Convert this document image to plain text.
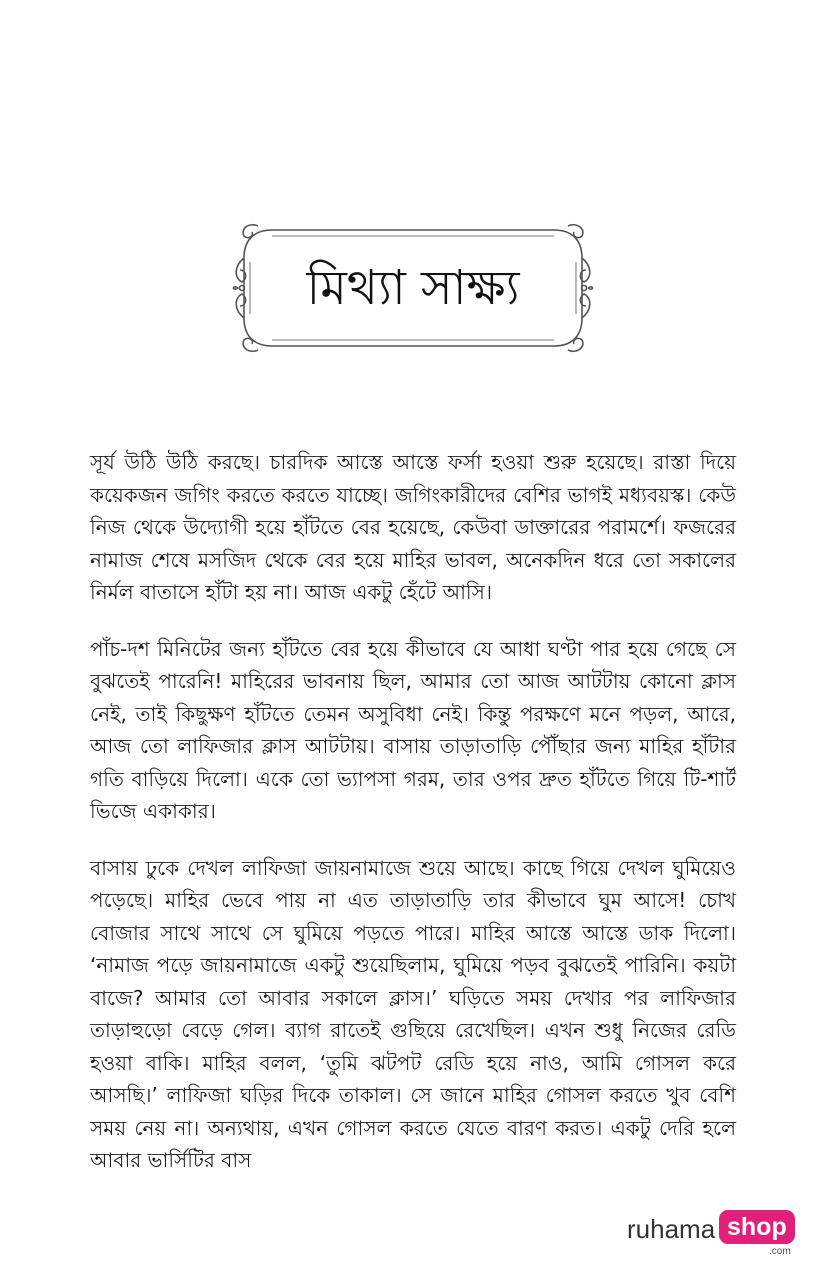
মিথ্যা সাক্ষ্য

সূর্য উঠি উঠি করছে। চারদিক আস্তে আস্তে ফর্সা হওয়া শুরু হয়েছে। রাস্তা দিয়ে কয়েকজন জগিং করতে করতে যাচ্ছে। জগিংকারীদের বেশির ভাগই মধ্যবয়স্ক। কেউ নিজ থেকে উদ্যোগী হয়ে হাঁটতে বের হয়েছে, কেউবা ডাক্তারের পরামর্শে। ফজরের নামাজ শেষে মসজিদ থেকে বের হয়ে মাহির ভাবল, অনেকদিন ধরে তো সকালের নির্মল বাতাসে হাঁটা হয় না। আজ একটু হেঁটে আসি।

পাঁচ-দশ মিনিটের জন্য হাঁটতে বের হয়ে কীভাবে যে আধা ঘণ্টা পার হয়ে গেছে সে বুঝতেই পারেনি! মাহিরের ভাবনায় ছিল, আমার তো আজ আটটায় কোনো ক্লাস নেই, তাই কিছুক্ষণ হাঁটতে তেমন অসুবিধা নেই। কিন্তু পরক্ষণে মনে পড়ল, আরে, আজ তো লাফিজার ক্লাস আটটায়। বাসায় তাড়াতাড়ি পৌঁছার জন্য মাহির হাঁটার গতি বাড়িয়ে দিলো। একে তো ভ্যাপসা গরম, তার ওপর দ্রুত হাঁটতে গিয়ে টি-শার্ট ভিজে একাকার।

বাসায় ঢুকে দেখল লাফিজা জায়নামাজে শুয়ে আছে। কাছে গিয়ে দেখল ঘুমিয়েও পড়েছে। মাহির ভেবে পায় না এত তাড়াতাড়ি তার কীভাবে ঘুম আসে! চোখ বোজার সাথে সাথে সে ঘুমিয়ে পড়তে পারে। মাহির আস্তে আস্তে ডাক দিলো। ‘নামাজ পড়ে জায়নামাজে একটু শুয়েছিলাম, ঘুমিয়ে পড়ব বুঝতেই পারিনি। কয়টা বাজে? আমার তো আবার সকালে ক্লাস।’ ঘড়িতে সময় দেখার পর লাফিজার তাড়াহুড়ো বেড়ে গেল। ব্যাগ রাতেই গুছিয়ে রেখেছিল। এখন শুধু নিজের রেডি হওয়া বাকি। মাহির বলল, ‘তুমি ঝটপট রেডি হয়ে নাও, আমি গোসল করে আসছি।’ লাফিজা ঘড়ির দিকে তাকাল। সে জানে মাহির গোসল করতে খুব বেশি সময় নেয় না। অন্যথায়, এখন গোসল করতে যেতে বারণ করত। একটু দেরি হলে আবার ভার্সিটির বাস

ruhama shop
.com
